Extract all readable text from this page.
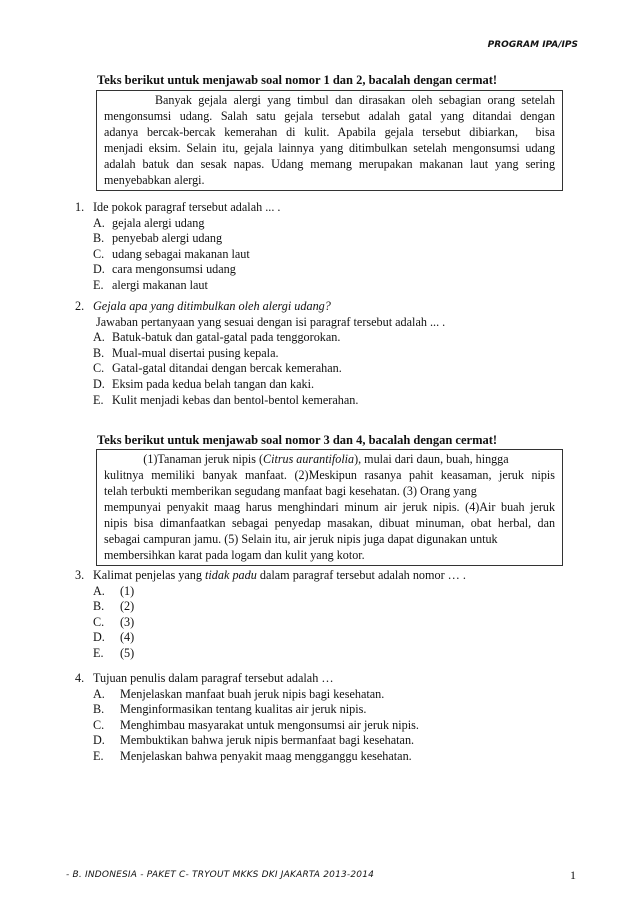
PROGRAM IPA/IPS
Teks berikut untuk menjawab soal nomor 1 dan 2, bacalah dengan cermat!
Banyak gejala alergi yang timbul dan dirasakan oleh sebagian orang setelah
mengonsumsi udang. Salah satu gejala tersebut adalah gatal yang ditandai dengan
adanya bercak-bercak kemerahan di kulit. Apabila gejala tersebut dibiarkan,  bisa
menjadi eksim. Selain itu, gejala lainnya yang ditimbulkan setelah mengonsumsi udang
adalah batuk dan sesak napas. Udang memang merupakan makanan laut yang sering
menyebabkan alergi.
1. Ide pokok paragraf tersebut adalah ... .
A. gejala alergi udang
B. penyebab alergi udang
C. udang sebagai makanan laut
D. cara mengonsumsi udang
E. alergi makanan laut
2. Gejala apa yang ditimbulkan oleh alergi udang?
Jawaban pertanyaan yang sesuai dengan isi paragraf tersebut adalah ... .
A. Batuk-batuk dan gatal-gatal pada tenggorokan.
B. Mual-mual disertai pusing kepala.
C. Gatal-gatal ditandai dengan bercak kemerahan.
D. Eksim pada kedua belah tangan dan kaki.
E. Kulit menjadi kebas dan bentol-bentol kemerahan.
Teks berikut untuk menjawab soal nomor 3 dan 4, bacalah dengan cermat!
(1)Tanaman jeruk nipis (Citrus aurantifolia), mulai dari daun, buah, hingga
kulitnya memiliki banyak manfaat. (2)Meskipun rasanya pahit keasaman, jeruk nipis
telah terbukti memberikan segudang manfaat bagi kesehatan. (3) Orang yang
mempunyai penyakit maag harus menghindari minum air jeruk nipis. (4)Air buah jeruk
nipis bisa dimanfaatkan sebagai penyedap masakan, dibuat minuman, obat herbal, dan
sebagai campuran jamu. (5) Selain itu, air jeruk nipis juga dapat digunakan untuk
membersihkan karat pada logam dan kulit yang kotor.
3. Kalimat penjelas yang tidak padu dalam paragraf tersebut adalah nomor … .
A.	(1)
B.	(2)
C.	(3)
D.	(4)
E.	(5)
4. Tujuan penulis dalam paragraf tersebut adalah …
A.	Menjelaskan manfaat buah jeruk nipis bagi kesehatan.
B.	Menginformasikan tentang kualitas air jeruk nipis.
C.	Menghimbau masyarakat untuk mengonsumsi air jeruk nipis.
D.	Membuktikan bahwa jeruk nipis bermanfaat bagi kesehatan.
E.	Menjelaskan bahwa penyakit maag mengganggu kesehatan.
- B. INDONESIA - PAKET C- TRYOUT MKKS DKI JAKARTA 2013-2014	1
